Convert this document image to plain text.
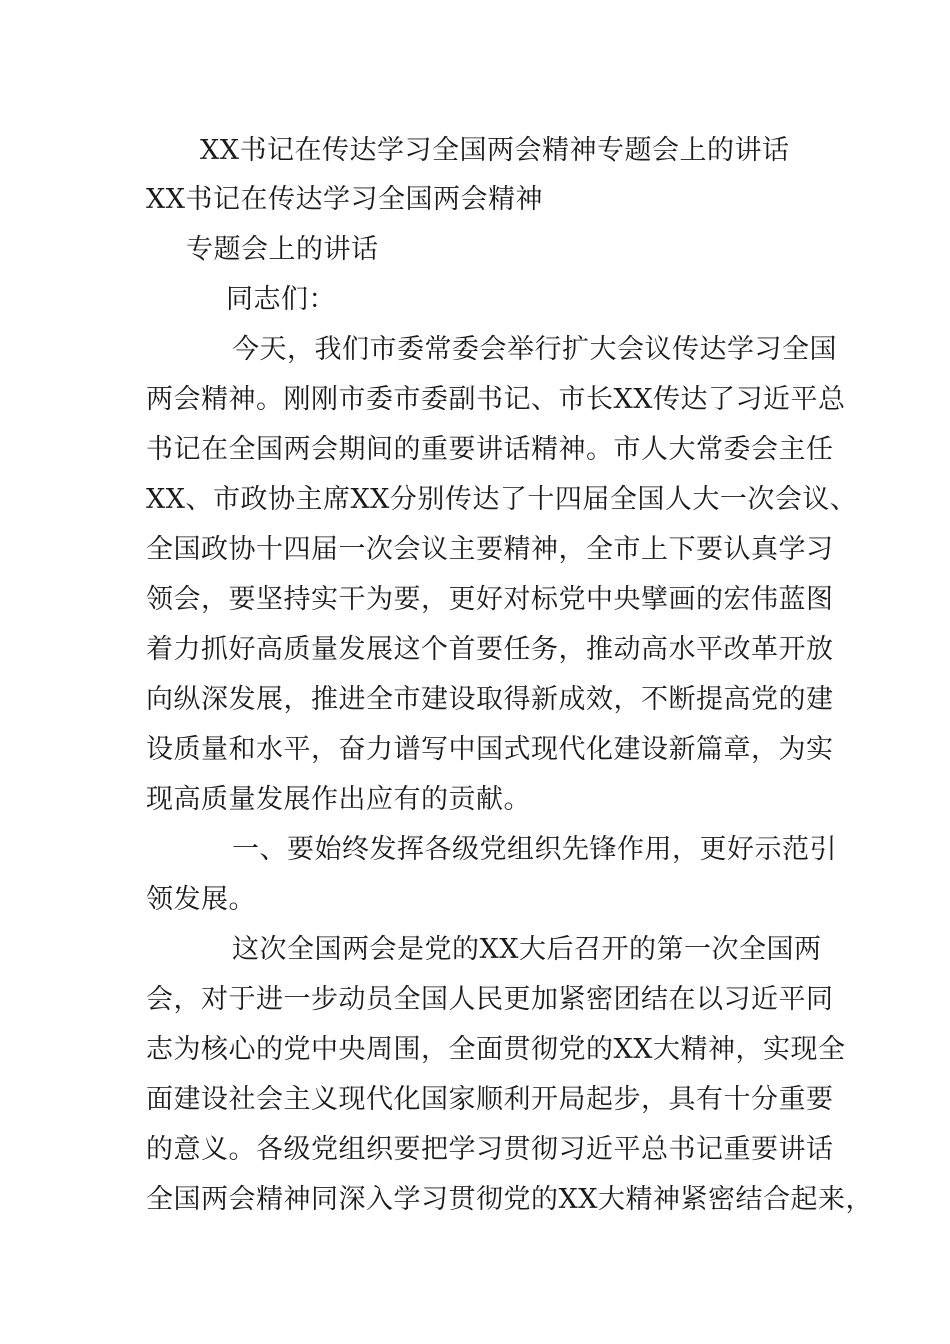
XX书记在传达学习全国两会精神专题会上的讲话
XX书记在传达学习全国两会精神
专题会上的讲话
同志们：
今天，我们市委常委会举行扩大会议传达学习全国
两会精神。刚刚市委市委副书记、市长XX传达了习近平总
书记在全国两会期间的重要讲话精神。市人大常委会主任
XX、市政协主席XX分别传达了十四届全国人大一次会议、
全国政协十四届一次会议主要精神，全市上下要认真学习
领会，要坚持实干为要，更好对标党中央擘画的宏伟蓝图
着力抓好高质量发展这个首要任务，推动高水平改革开放
向纵深发展，推进全市建设取得新成效，不断提高党的建
设质量和水平，奋力谱写中国式现代化建设新篇章，为实
现高质量发展作出应有的贡献。
一、要始终发挥各级党组织先锋作用，更好示范引
领发展。
这次全国两会是党的XX大后召开的第一次全国两
会，对于进一步动员全国人民更加紧密团结在以习近平同
志为核心的党中央周围，全面贯彻党的XX大精神，实现全
面建设社会主义现代化国家顺利开局起步，具有十分重要
的意义。各级党组织要把学习贯彻习近平总书记重要讲话
全国两会精神同深入学习贯彻党的XX大精神紧密结合起来，
